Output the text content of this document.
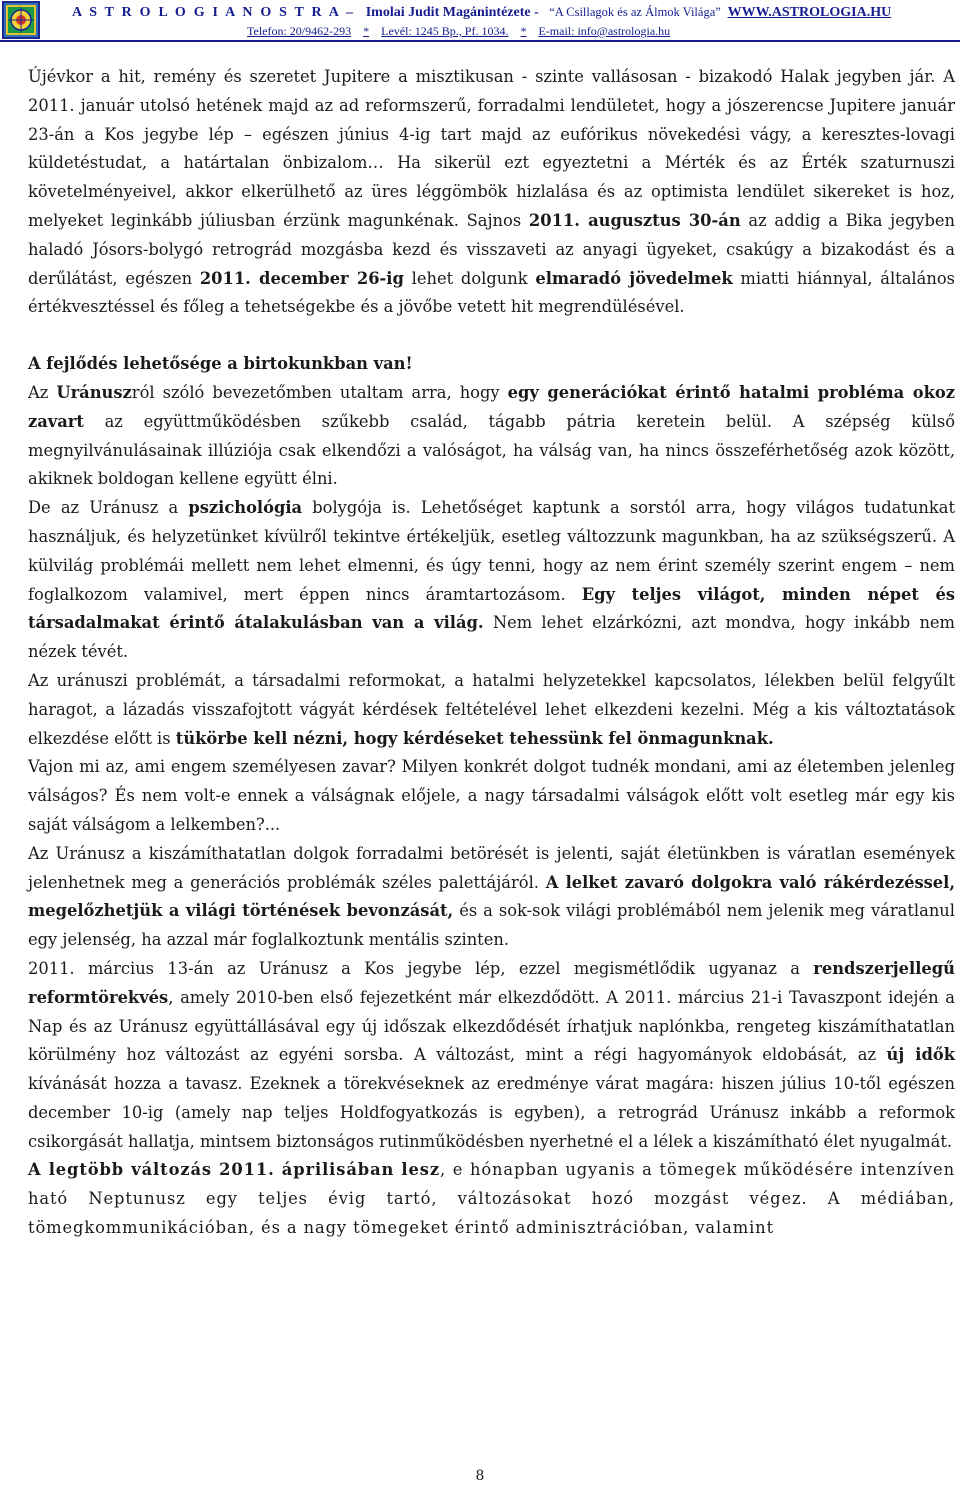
A S T R O L O G I A N O S T R A – Imolai Judit Magánintézete - “A Csillagok és az Álmok Világa” WWW.ASTROLOGIA.HU
Telefon: 20/9462-293 * Levél: 1245 Bp., Pf. 1034. * E-mail: info@astrologia.hu

Újévkor a hit, remény és szeretet Jupitere a misztikusan - szinte vallásosan - bizakodó Halak jegyben jár. A 2011. január utolsó hetének majd az ad reformszerű, forradalmi lendületet, hogy a jószerencse Jupitere január 23-án a Kos jegybe lép – egészen június 4-ig tart majd az eufórikus növekedési vágy, a keresztes-lovagi küldetéstudat, a határtalan önbizalom… Ha sikerül ezt egyeztetni a Mérték és az Érték szaturnuszi követelményeivel, akkor elkerülhető az üres léggömbök hizlalása és az optimista lendület sikereket is hoz, melyeket leginkább júliusban érzünk magunkénak. Sajnos 2011. augusztus 30-án az addig a Bika jegyben haladó Jósors-bolygó retrográd mozgásba kezd és visszaveti az anyagi ügyeket, csakúgy a bizakodást és a derűlátást, egészen 2011. december 26-ig lehet dolgunk elmaradó jövedelmek miatti hiánnyal, általános értékvesztéssel és főleg a tehetségekbe és a jövőbe vetett hit megrendülésével.

A fejlődés lehetősége a birtokunkban van!

Az Uránuszról szóló bevezetőmben utaltam arra, hogy egy generációkat érintő hatalmi probléma okoz zavart az együttműködésben szűkebb család, tágabb pátria keretein belül. A szépség külső megnyilvánulásainak illúziója csak elkendőzi a valóságot, ha válság van, ha nincs összeférhetőség azok között, akiknek boldogan kellene együtt élni.

De az Uránusz a pszichológia bolygója is. Lehetőséget kaptunk a sorstól arra, hogy világos tudatunkat használjuk, és helyzetünket kívülről tekintve értékeljük, esetleg változzunk magunkban, ha az szükségszerű. A külvilág problémái mellett nem lehet elmenni, és úgy tenni, hogy az nem érint személy szerint engem – nem foglalkozom valamivel, mert éppen nincs áramtartozásom. Egy teljes világot, minden népet és társadalmakat érintő átalakulásban van a világ. Nem lehet elzárkózni, azt mondva, hogy inkább nem nézek tévét.

Az uránuszi problémát, a társadalmi reformokat, a hatalmi helyzetekkel kapcsolatos, lélekben belül felgyűlt haragot, a lázadás visszafojtott vágyát kérdések feltételével lehet elkezdeni kezelni. Még a kis változtatások elkezdése előtt is tükörbe kell nézni, hogy kérdéseket tehessünk fel önmagunknak.

Vajon mi az, ami engem személyesen zavar? Milyen konkrét dolgot tudnék mondani, ami az életemben jelenleg válságos? És nem volt-e ennek a válságnak előjele, a nagy társadalmi válságok előtt volt esetleg már egy kis saját válságom a lelkemben?...

Az Uránusz a kiszámíthatatlan dolgok forradalmi betörését is jelenti, saját életünkben is váratlan események jelenhetnek meg a generációs problémák széles palettájáról. A lelket zavaró dolgokra való rákérdezéssel, megelőzhetjük a világi történések bevonzását, és a sok-sok világi problémából nem jelenik meg váratlanul egy jelenség, ha azzal már foglalkoztunk mentális szinten.

2011. március 13-án az Uránusz a Kos jegybe lép, ezzel megismétlődik ugyanaz a rendszerjellegű reformtörekvés, amely 2010-ben első fejezetként már elkezdődött. A 2011. március 21-i Tavaszpont idején a Nap és az Uránusz együttállásával egy új időszak elkezdődését írhatjuk naplónkba, rengeteg kiszámíthatatlan körülmény hoz változást az egyéni sorsba. A változást, mint a régi hagyományok eldobását, az új idők kívánását hozza a tavasz. Ezeknek a törekvéseknek az eredménye várat magára: hiszen július 10-től egészen december 10-ig (amely nap teljes Holdfogyatkozás is egyben), a retrográd Uránusz inkább a reformok csikorgását hallatja, mintsem biztonságos rutinműködésben nyerhetné el a lélek a kiszámítható élet nyugalmát.

A legtöbb változás 2011. áprilisában lesz, e hónapban ugyanis a tömegek működésére intenzíven ható Neptunusz egy teljes évig tartó, változásokat hozó mozgást végez. A médiában, tömegkommunikációban, és a nagy tömegeket érintő adminisztrációban, valamint

8
